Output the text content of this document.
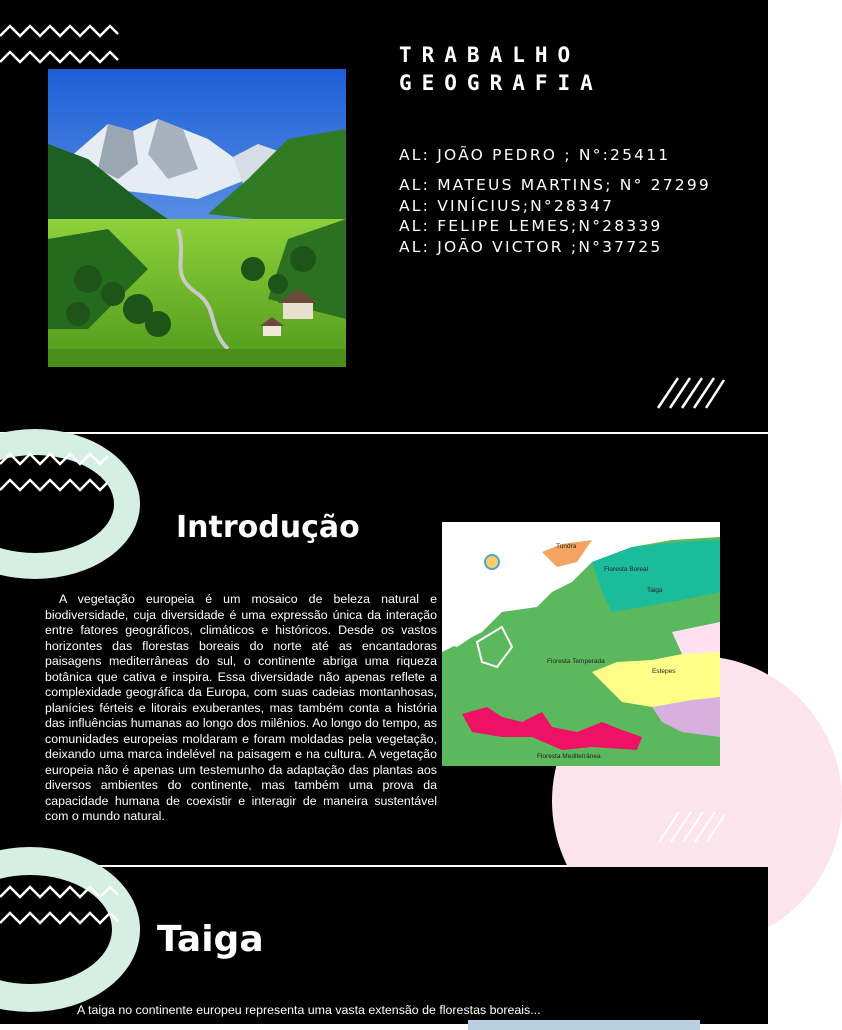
TRABALHO
GEOGRAFIA
AL: JOÃO PEDRO ; N°:25411
AL: MATEUS MARTINS; N° 27299
AL: VINÍCIUS;N°28347
AL: FELIPE LEMES;N°28339
AL: JOÃO VICTOR ;N°37725
Introdução

A vegetação europeia é um mosaico de beleza natural e biodiversidade, cuja diversidade é uma expressão única da interação entre fatores geográficos, climáticos e históricos. Desde os vastos horizontes das florestas boreais do norte até as encantadoras paisagens mediterrâneas do sul, o continente abriga uma riqueza botânica que cativa e inspira. Essa diversidade não apenas reflete a complexidade geográfica da Europa, com suas cadeias montanhosas, planícies férteis e litorais exuberantes, mas também conta a história das influências humanas ao longo dos milênios. Ao longo do tempo, as comunidades europeias moldaram e foram moldadas pela vegetação, deixando uma marca indelével na paisagem e na cultura. A vegetação europeia não é apenas um testemunho da adaptação das plantas aos diversos ambientes do continente, mas também uma prova da capacidade humana de coexistir e interagir de maneira sustentável com o mundo natural.

Tundra
Floresta Boreal
Taiga
Floresta Temperada
Estepes
Floresta Mediterrânea
Taiga

A taiga no continente europeu representa uma vasta extensão de florestas boreais...
